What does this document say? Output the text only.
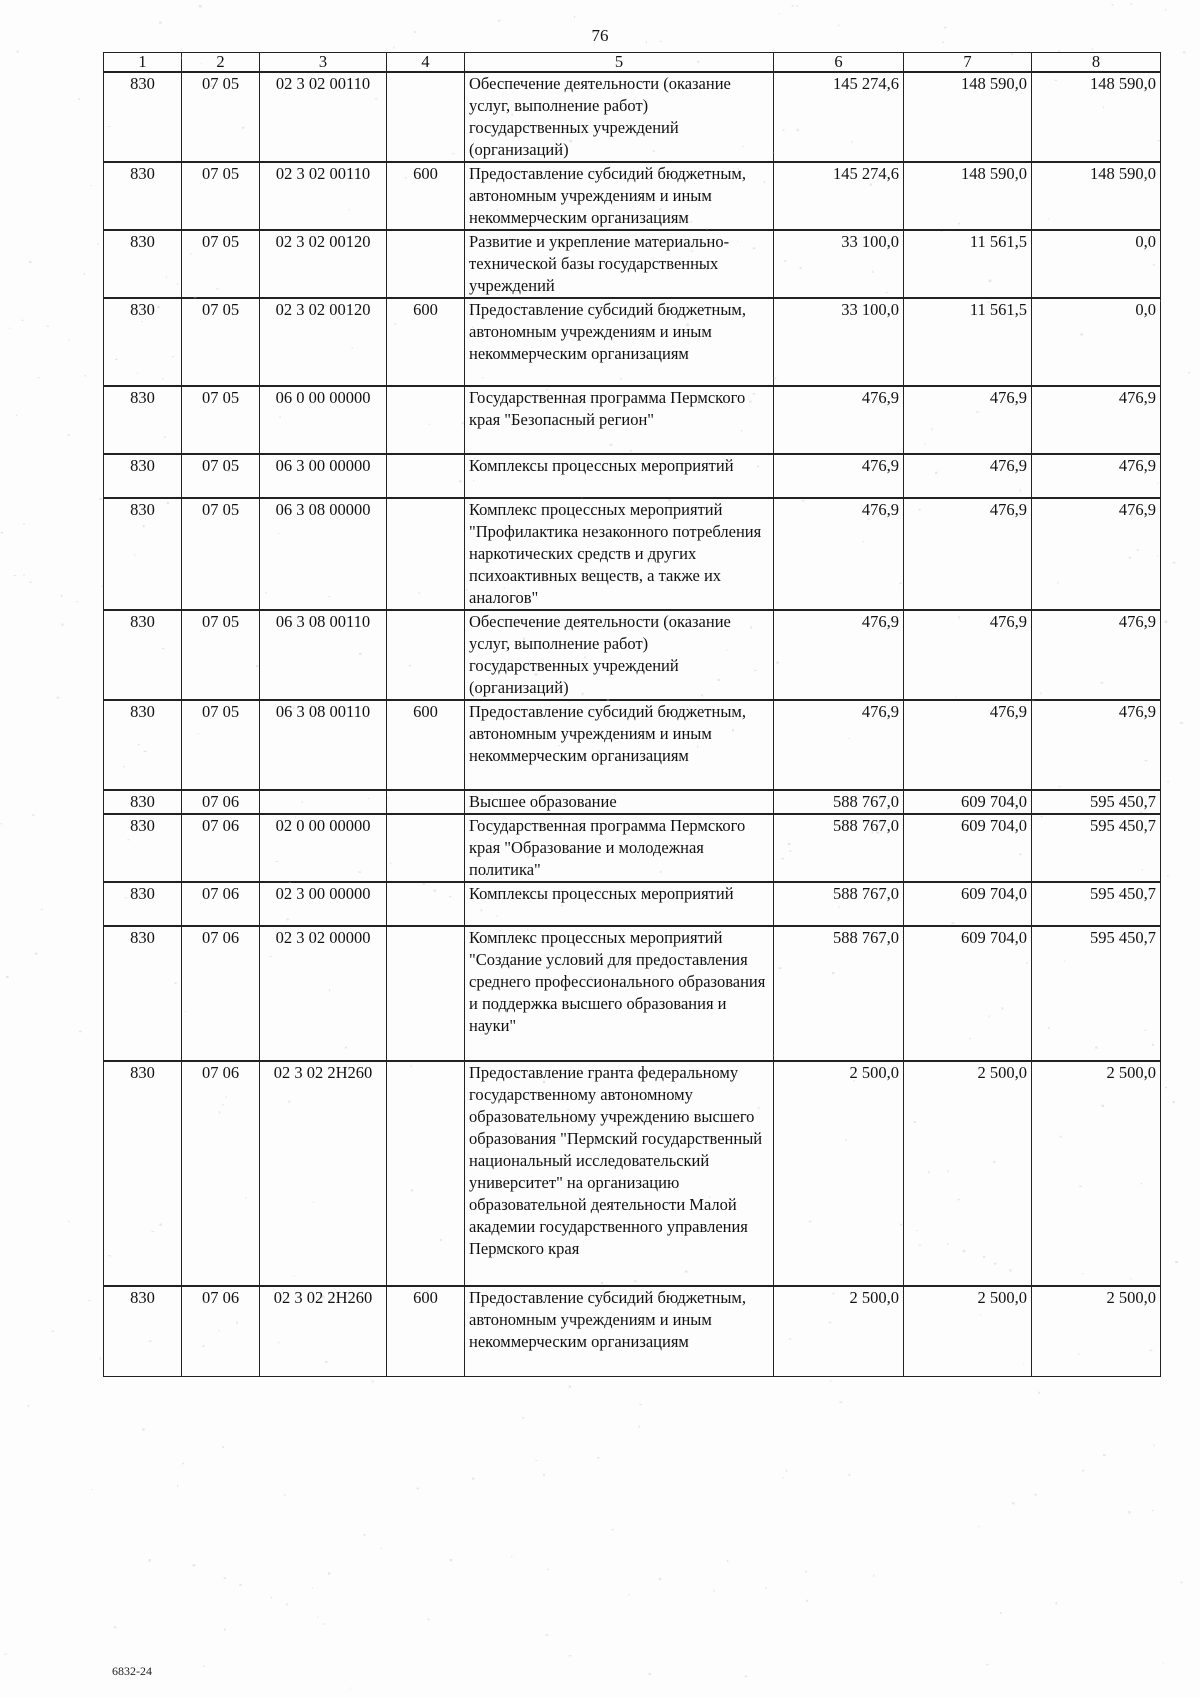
76
1	2	3	4	5	6	7	8
830	07 05	02 3 02 00110		Обеспечение деятельности (оказание услуг, выполнение работ) государственных учреждений (организаций)	145 274,6	148 590,0	148 590,0
830	07 05	02 3 02 00110	600	Предоставление субсидий бюджетным, автономным учреждениям и иным некоммерческим организациям	145 274,6	148 590,0	148 590,0
830	07 05	02 3 02 00120		Развитие и укрепление материально-технической базы государственных учреждений	33 100,0	11 561,5	0,0
830	07 05	02 3 02 00120	600	Предоставление субсидий бюджетным, автономным учреждениям и иным некоммерческим организациям	33 100,0	11 561,5	0,0
830	07 05	06 0 00 00000		Государственная программа Пермского края "Безопасный регион"	476,9	476,9	476,9
830	07 05	06 3 00 00000		Комплексы процессных мероприятий	476,9	476,9	476,9
830	07 05	06 3 08 00000		Комплекс процессных мероприятий "Профилактика незаконного потребления наркотических средств и других психоактивных веществ, а также их аналогов"	476,9	476,9	476,9
830	07 05	06 3 08 00110		Обеспечение деятельности (оказание услуг, выполнение работ) государственных учреждений (организаций)	476,9	476,9	476,9
830	07 05	06 3 08 00110	600	Предоставление субсидий бюджетным, автономным учреждениям и иным некоммерческим организациям	476,9	476,9	476,9
830	07 06			Высшее образование	588 767,0	609 704,0	595 450,7
830	07 06	02 0 00 00000		Государственная программа Пермского края "Образование и молодежная политика"	588 767,0	609 704,0	595 450,7
830	07 06	02 3 00 00000		Комплексы процессных мероприятий	588 767,0	609 704,0	595 450,7
830	07 06	02 3 02 00000		Комплекс процессных мероприятий "Создание условий для предоставления среднего профессионального образования и поддержка высшего образования и науки"	588 767,0	609 704,0	595 450,7
830	07 06	02 3 02 2Н260		Предоставление гранта федеральному государственному автономному образовательному учреждению высшего образования "Пермский государственный национальный исследовательский университет" на организацию образовательной деятельности Малой академии государственного управления Пермского края	2 500,0	2 500,0	2 500,0
830	07 06	02 3 02 2Н260	600	Предоставление субсидий бюджетным, автономным учреждениям и иным некоммерческим организациям	2 500,0	2 500,0	2 500,0
6832-24
